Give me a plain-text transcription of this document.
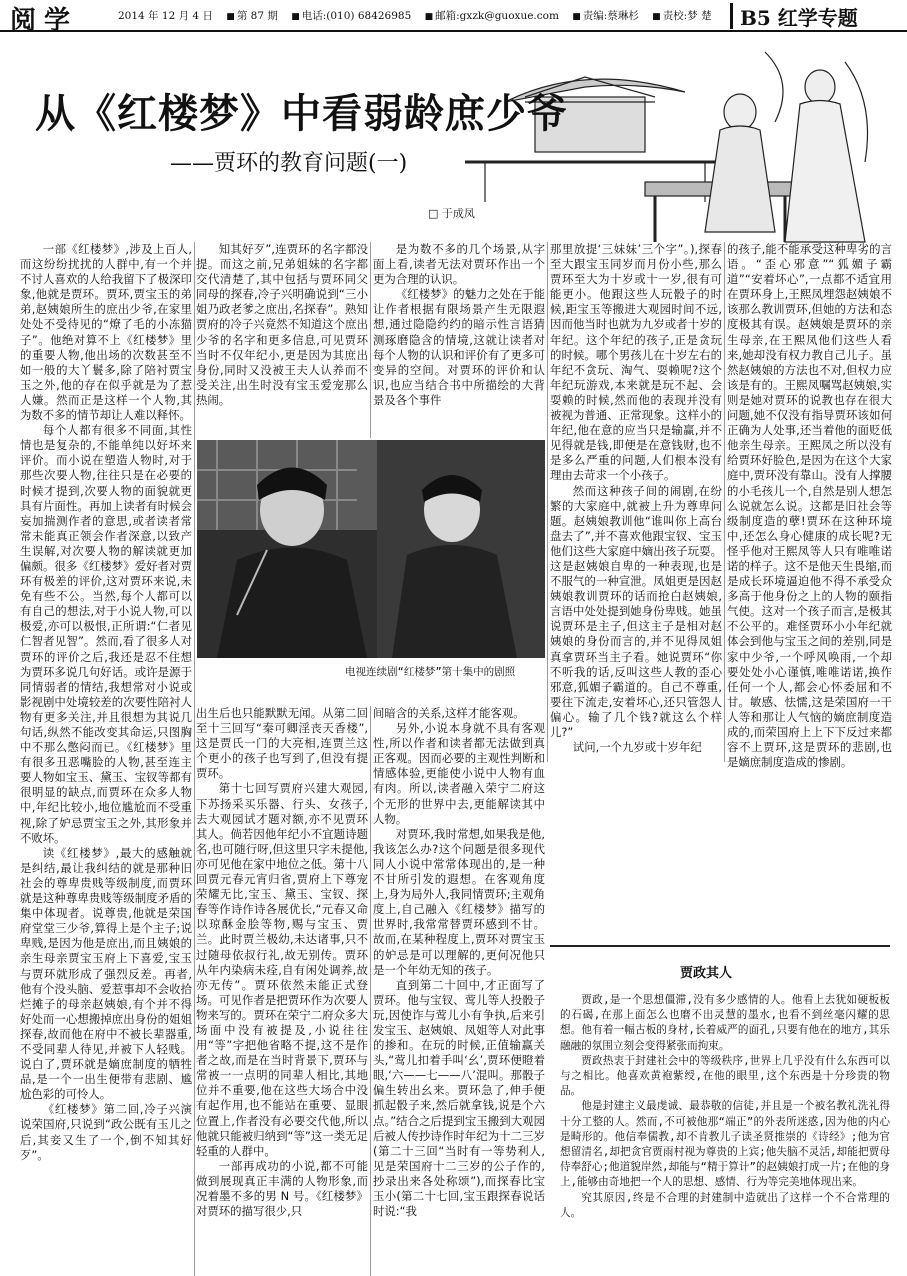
阅学	2014 年 12 月 4 日 ■ 第 87 期 ■ 电话:(010) 68426985 ■ 邮箱:gxzk@guoxue.com ■ 责编:蔡琳杉 ■ 责校:梦 楚	B5 红学专题
从《红楼梦》中看弱龄庶少爷
——贾环的教育问题(一)
□ 于成凤

一部《红楼梦》,涉及上百人,而这纷纷扰扰的人群中,有一个并不讨人喜欢的人给我留下了极深印象,他就是贾环。贾环,贾宝玉的弟弟,赵姨娘所生的庶出少爷,在家里处处不受待见的“燎了毛的小冻猫子”。他绝对算不上《红楼梦》里的重要人物,他出场的次数甚至不如一般的大丫鬟多,除了陪衬贾宝玉之外,他的存在似乎就是为了惹人嫌。然而正是这样一个人物,其为数不多的情节却让人难以释怀。

每个人都有很多不同面,其性情也是复杂的,不能单纯以好坏来评价。而小说在塑造人物时,对于那些次要人物,往往只是在必要的时候才提到,次要人物的面貌就更具有片面性。再加上读者有时候会妄加揣测作者的意思,或者读者常常未能真正领会作者深意,以致产生误解,对次要人物的解读就更加偏颇。很多《红楼梦》爱好者对贾环有极差的评价,这对贾环来说,未免有些不公。当然,每个人都可以有自己的想法,对于小说人物,可以极爱,亦可以极恨,正所谓:“仁者见仁智者见智”。然而,看了很多人对贾环的评价之后,我还是忍不住想为贾环多说几句好话。或许是源于同情弱者的情结,我想常对小说或影视剧中处境较差的次要性陪衬人物有更多关注,并且很想为其说几句话,纵然不能改变其命运,只图胸中不那么憋闷而已。《红楼梦》里有很多丑恶嘴脸的人物,甚至连主要人物如宝玉、黛玉、宝钗等都有很明显的缺点,而贾环在众多人物中,年纪比较小,地位尴尬而不受重视,除了妒忌贾宝玉之外,其形象并不败坏。

读《红楼梦》,最大的感触就是纠结,最让我纠结的就是那种旧社会的尊卑贵贱等级制度,而贾环就是这种尊卑贵贱等级制度矛盾的集中体现者。说尊贵,他就是荣国府堂堂三少爷,算得上是个主子;说卑贱,是因为他是庶出,而且姨娘的亲生母亲贾宝玉府上下喜爱,宝玉与贾环就形成了强烈反差。再者,他有个没头脑、爱惹事却不会收拾烂摊子的母亲赵姨娘,有个并不得好处而一心想搬掉庶出身份的姐姐探春,故而他在府中不被长辈器重,不受同辈人待见,并被下人轻贱。说白了,贾环就是嫡庶制度的牺牲品,是一个一出生便带有悲剧、尴尬色彩的可怜人。

《红楼梦》第二回,冷子兴演说荣国府,只说到“政公既有玉儿之后,其妾又生了一个,倒不知其好歹”。

知其好歹”,连贾环的名字都没提。而这之前,兄弟姐妹的名字都交代清楚了,其中包括与贾环同父同母的探春,冷子兴明确说到“三小姐乃政老爹之庶出,名探春”。熟知贾府的冷子兴竟然不知道这个庶出少爷的名字和更多信息,可见贾环当时不仅年纪小,更是因为其庶出身份,同时又没被王夫人认养而不受关注,出生时没有宝玉爱宠那么热闹。

是为数不多的几个场景,从字面上看,读者无法对贾环作出一个更为合理的认识。

《红楼梦》的魅力之处在于能让作者根据有限场景产生无限遐想,通过隐隐约约的暗示性言语猜测琢磨隐含的情境,这就让读者对每个人物的认识和评价有了更多可变异的空间。对贾环的评价和认识,也应当结合书中所描绘的大背景及各个事件

电视连续剧“红楼梦”第十集中的剧照

出生后也只能默默无闻。从第二回至十三回写“秦可卿淫丧天香楼”,这是贾氏一门的大亮相,连贾兰这个更小的孩子也写到了,但没有提贾环。

第十七回写贾府兴建大观园,下苏扬采买乐器、行头、女孩子,去大观园试才题对额,亦不见贾环其人。倘若因他年纪小不宜题诗题名,也可随行呀,但这里只字未提他,亦可见他在家中地位之低。第十八回贾元春元宵归省,贾府上下尊宠荣耀无比,宝玉、黛玉、宝钗、探春等作诗作诗各展优长,“元春又命以琼酥金脍等物,赐与宝玉、贾兰。此时贾兰极幼,未达诸事,只不过随母依叔行礼,故无别传。贾环从年内染病未痊,自有闲处调养,故亦无传”。贾环依然未能正式登场。可见作者是把贾环作为次要人物来写的。贾环在荣宁二府众多大场面中没有被提及,小说往往用“等”字把他省略不提,这不是作者之故,而是在当时背景下,贾环与常被一一点明的同辈人相比,其地位并不重要,他在这些大场合中没有起作用,也不能站在重要、显眼位置上,作者没有必要交代他,所以他就只能被归纳到“等”这一类无足轻重的人群中。

一部再成功的小说,都不可能做到展现真正丰满的人物形象,而况着墨不多的男 N 号。《红楼梦》对贾环的描写很少,只

间暗含的关系,这样才能客观。

另外,小说本身就不具有客观性,所以作者和读者都无法做到真正客观。因而必要的主观性判断和情感体验,更能使小说中人物有血有肉。所以,读者融入荣宁二府这个无形的世界中去,更能解读其中人物。

对贾环,我时常想,如果我是他,我该怎么办?这个问题是很多现代同人小说中常常体现出的,是一种不甘所引发的遐想。在客观角度上,身为局外人,我同情贾环;主观角度上,自己融入《红楼梦》描写的世界时,我常常替贾环感到不甘。故而,在某种程度上,贾环对贾宝玉的妒忌是可以理解的,更何况他只是一个年幼无知的孩子。

直到第二十回中,才正面写了贾环。他与宝钗、莺儿等人投骰子玩,因使诈与莺儿小有争执,后来引发宝玉、赵姨娘、凤姐等人对此事的掺和。在玩的时候,正值输赢关头,“莺儿扣着手叫‘幺’,贾环便瞪着眼,‘六——七——八’混叫。那骰子偏生转出幺来。贾环急了,伸手便抓起骰子来,然后就拿钱,说是个六点。”结合之后提到宝玉搬到大观园后被人传抄诗作时年纪为十二三岁(第二十三回“当时有一等势利人,见是荣国府十二三岁的公子作的,抄录出来各处称颂”),而探春比宝玉小(第二十七回,宝玉跟探春说话时说:“我

那里放提‘三妹妹’三个字”。),探春至大跟宝玉同岁而月份小些,那么贾环至大为十岁或十一岁,很有可能更小。他跟这些人玩骰子的时候,距宝玉等搬进大观园时间不远,因而他当时也就为九岁或者十岁的年纪。这个年纪的孩子,正是贪玩的时候。哪个男孩儿在十岁左右的年纪不贪玩、淘气、耍赖呢?这个年纪玩游戏,本来就是玩不起、会耍赖的时候,然而他的表现并没有被视为普通、正常现象。这样小的年纪,他在意的应当只是输赢,并不见得就是钱,即便是在意钱财,也不是多么严重的问题,人们根本没有理由去苛求一个小孩子。

然而这种孩子间的闹剧,在纷繁的大家庭中,就被上升为尊卑问题。赵姨娘教训他“谁叫你上高台盘去了”,并不喜欢他跟宝钗、宝玉他们这些大家庭中嫡出孩子玩耍。这是赵姨娘自卑的一种表现,也是不服气的一种宣泄。凤姐更是因赵姨娘教训贾环的话而抢白赵姨娘,言语中处处提到她身份卑贱。她虽说贾环是主子,但这主子是相对赵姨娘的身份而言的,并不见得凤姐真拿贾环当主子看。她说贾环“你不听我的话,反叫这些人教的歪心邪意,狐媚子霸道的。自己不尊重,要往下流走,安着坏心,还只管怨人偏心。输了几个钱?就这么个样儿?”

试问,一个九岁或十岁年纪

的孩子,能不能承受这种卑劣的言语。“歪心邪意”“狐媚子霸道”“安着坏心”,一点都不适宜用在贾环身上,王熙凤埋怨赵姨娘不该那么教训贾环,但她的方法和态度极其有误。赵姨娘是贾环的亲生母亲,在王熙凤他们这些人看来,她却没有权力教自己儿子。虽然赵姨娘的方法也不对,但权力应该是有的。王熙凤嘱骂赵姨娘,实则是她对贾环的说教也存在很大问题,她不仅没有指导贾环该如何正确为人处事,还当着他的面贬低他亲生母亲。王熙凤之所以没有给贾环好脸色,是因为在这个大家庭中,贾环没有靠山。没有人撑腰的小毛孩儿一个,自然是别人想怎么说就怎么说。这都是旧社会等级制度造的孽!贾环在这种环境中,还怎么身心健康的成长呢?无怪乎他对王熙凤等人只有唯唯诺诺的样子。这不是他天生畏缩,而是成长环境逼迫他不得不承受众多高于他身份之上的人物的颐指气使。这对一个孩子而言,是极其不公平的。难怪贾环小小年纪就体会到他与宝玉之间的差别,同是家中少爷,一个呼风唤雨,一个却要处处小心谨慎,唯唯诺诺,换作任何一个人,都会心怀委屈和不甘。敏感、怯懦,这是荣国府一干人等和那让人气恼的嫡庶制度造成的,而荣国府上上下下反过来都容不上贾环,这是贾环的悲剧,也是嫡庶制度造成的惨剧。

贾政其人

贾政,是一个思想僵滞,没有多少感情的人。他看上去犹如硬板板的石碣,在那上面怎么也磨不出灵慧的墨水,也看不到丝毫闪耀的思想。他有着一幅古板的身材,长着威严的面孔,只要有他在的地方,其乐融融的氛围立刻会变得紧张而拘束。

贾政热衷于封建社会中的等级秩序,世界上几乎没有什么东西可以与之相比。他喜欢黄袍紫绶,在他的眼里,这个东西是十分珍贵的物品。

他是封建主义最虔诚、最恭敬的信徒,并且是一个被名教礼洗礼得十分工整的人。然而,不可被他那“端正”的外表所迷惑,因为他的内心是畸形的。他信奉儒教,却不肯教儿子读圣贤推崇的《诗经》;他为官想留清名,却把贪官贾雨村视为尊贵的上宾;他失脑不灵活,却能把贾母侍奉舒心;他道貌岸然,却能与“精于算计”的赵姨娘打成一片;在他的身上,能够由奇地把一个人的思想、感情、行为等完美地体现出来。

究其原因,终是不合理的封建制中造就出了这样一个不合常理的人。
